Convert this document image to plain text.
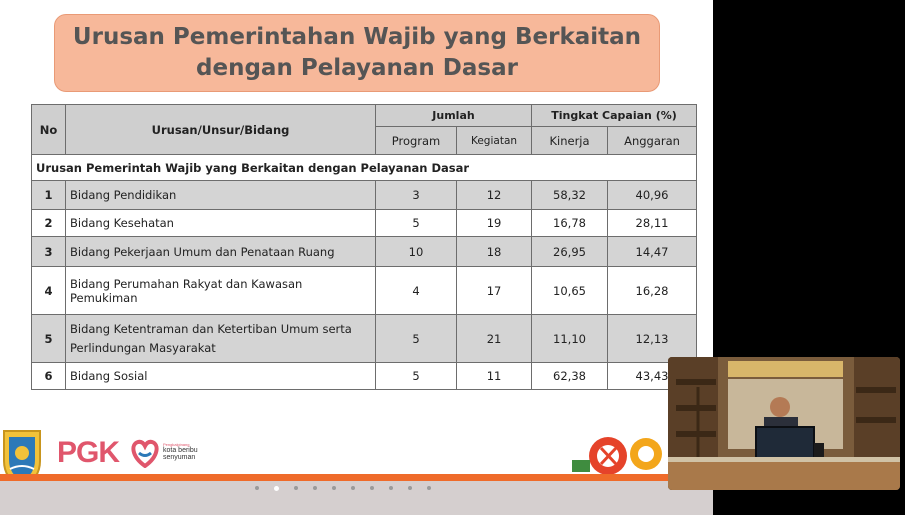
Urusan Pemerintahan Wajib yang Berkaitan
dengan Pelayanan Dasar
No	Urusan/Unsur/Bidang	Jumlah		Tingkat Capaian (%)	
		Program	Kegiatan	Kinerja	Anggaran
Urusan Pemerintah Wajib yang Berkaitan dengan Pelayanan Dasar					
1	Bidang Pendidikan	3	12	58,32	40,96
2	Bidang Kesehatan	5	19	16,78	28,11
3	Bidang Pekerjaan Umum dan Penataan Ruang	10	18	26,95	14,47
4	Bidang Perumahan Rakyat dan Kawasan Pemukiman	4	17	10,65	16,28
5	Bidang Ketentraman dan Ketertiban Umum serta
Perlindungan Masyarakat	5	21	11,10	12,13
6	Bidang Sosial	5	11	62,38	43,43
PGK	Pengkalpinang
kota beribu
senyuman
